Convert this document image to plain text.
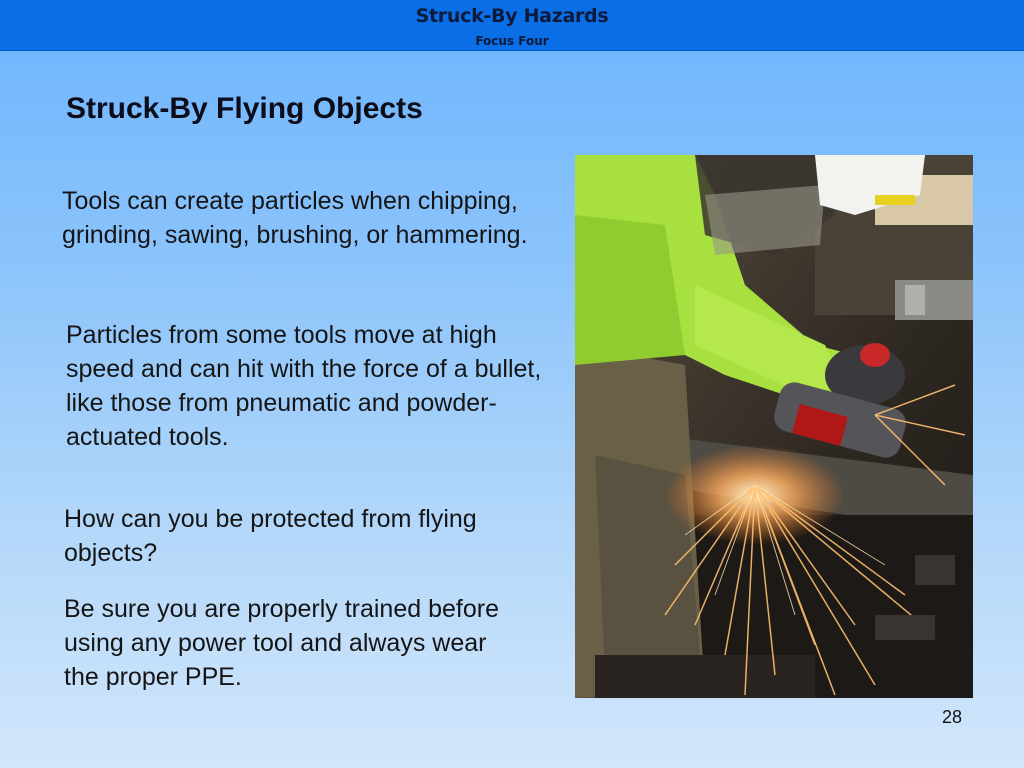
Struck-By Hazards
Focus Four
Struck-By Flying Objects
Tools can create particles when chipping, grinding, sawing, brushing, or hammering.
Particles from some tools move at high speed and can hit with the force of a bullet, like those from pneumatic and powder-actuated tools.
How can you be protected from flying objects?
Be sure you are properly trained before using any power tool and always wear the proper PPE.
28
